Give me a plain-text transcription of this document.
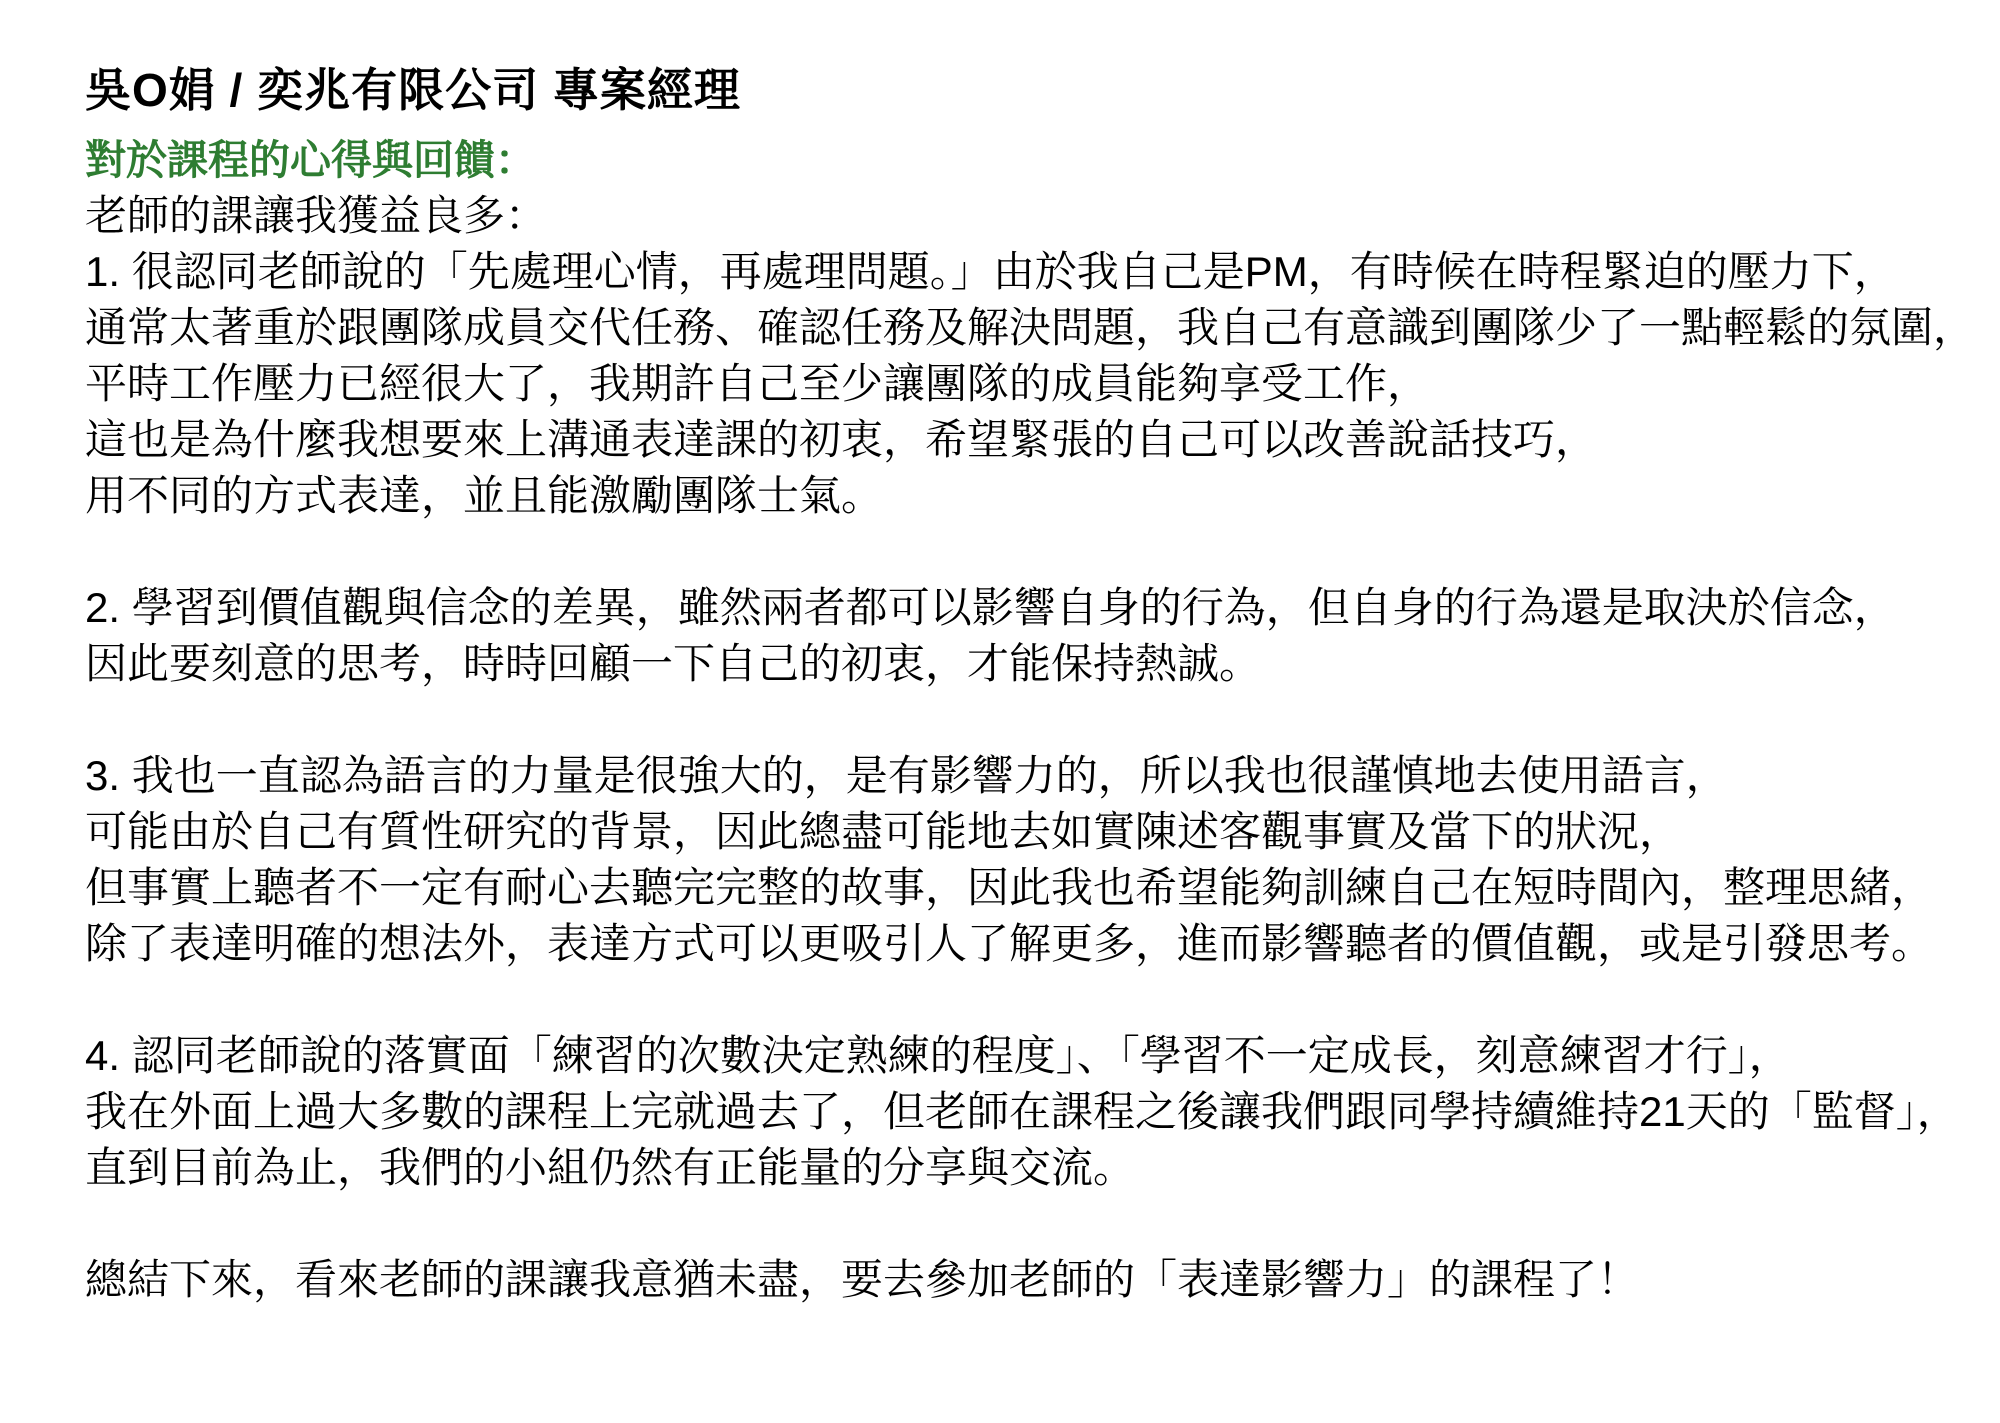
吳O娟 / 奕兆有限公司 專案經理
對於課程的心得與回饋：
老師的課讓我獲益良多：
1. 很認同老師說的「先處理心情，再處理問題。」由於我自己是PM，有時候在時程緊迫的壓力下，
通常太著重於跟團隊成員交代任務、確認任務及解決問題，我自己有意識到團隊少了一點輕鬆的氛圍，
平時工作壓力已經很大了，我期許自己至少讓團隊的成員能夠享受工作，
這也是為什麼我想要來上溝通表達課的初衷，希望緊張的自己可以改善說話技巧，
用不同的方式表達，並且能激勵團隊士氣。
2. 學習到價值觀與信念的差異，雖然兩者都可以影響自身的行為，但自身的行為還是取決於信念，
因此要刻意的思考，時時回顧一下自己的初衷，才能保持熱誠。
3. 我也一直認為語言的力量是很強大的，是有影響力的，所以我也很謹慎地去使用語言，
可能由於自己有質性研究的背景，因此總盡可能地去如實陳述客觀事實及當下的狀況，
但事實上聽者不一定有耐心去聽完完整的故事，因此我也希望能夠訓練自己在短時間內，整理思緒，
除了表達明確的想法外，表達方式可以更吸引人了解更多，進而影響聽者的價值觀，或是引發思考。
4. 認同老師說的落實面「練習的次數決定熟練的程度」、「學習不一定成長，刻意練習才行」，
我在外面上過大多數的課程上完就過去了，但老師在課程之後讓我們跟同學持續維持21天的「監督」，
直到目前為止，我們的小組仍然有正能量的分享與交流。
總結下來，看來老師的課讓我意猶未盡，要去參加老師的「表達影響力」的課程了！
